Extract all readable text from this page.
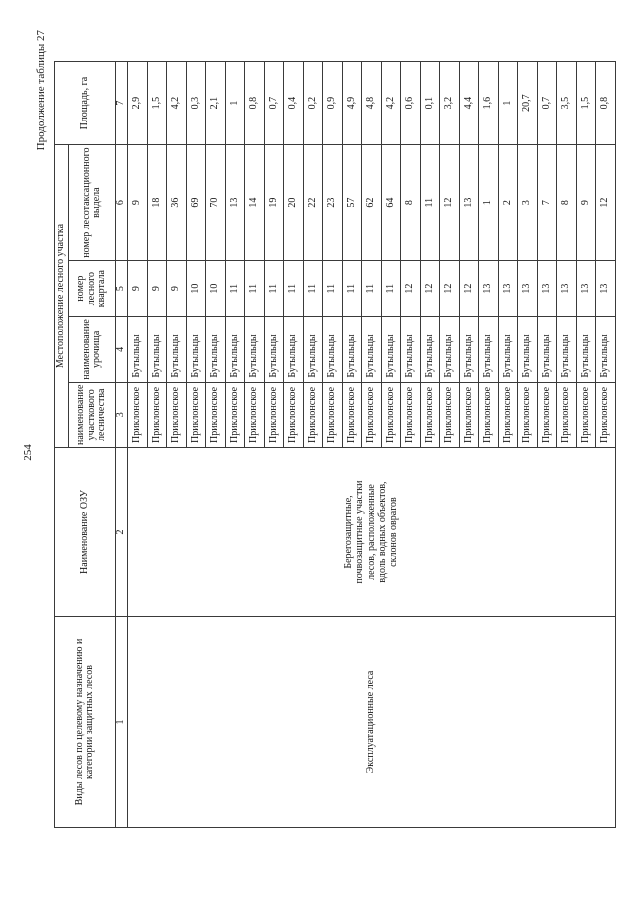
254
Продолжение таблицы 27
Виды лесов по целевому назначению и категории защитных лесов	Наименование ОЗУ	Местоположение лесного участка				Площадь, га
		наименование участкового лесничества	наименование урочища	номер лесного квартала	номер лесотаксационного выдела	
1	2	3	4	5	6	7
Эксплуатационные леса	Берегозащитные, почвозащитные участки лесов, расположенные вдоль водных объектов, склонов оврагов	Приклонское	Бутыльцы	9	9	2,9
		Приклонское	Бутыльцы	9	18	1,5
		Приклонское	Бутыльцы	9	36	4,2
		Приклонское	Бутыльцы	10	69	0,3
		Приклонское	Бутыльцы	10	70	2,1
		Приклонское	Бутыльцы	11	13	1
		Приклонское	Бутыльцы	11	14	0,8
		Приклонское	Бутыльцы	11	19	0,7
		Приклонское	Бутыльцы	11	20	0,4
		Приклонское	Бутыльцы	11	22	0,2
		Приклонское	Бутыльцы	11	23	0,9
		Приклонское	Бутыльцы	11	57	4,9
		Приклонское	Бутыльцы	11	62	4,8
		Приклонское	Бутыльцы	11	64	4,2
		Приклонское	Бутыльцы	12	8	0,6
		Приклонское	Бутыльцы	12	11	0,1
		Приклонское	Бутыльцы	12	12	3,2
		Приклонское	Бутыльцы	12	13	4,4
		Приклонское	Бутыльцы	13	1	1,6
		Приклонское	Бутыльцы	13	2	1
		Приклонское	Бутыльцы	13	3	20,7
		Приклонское	Бутыльцы	13	7	0,7
		Приклонское	Бутыльцы	13	8	3,5
		Приклонское	Бутыльцы	13	9	1,5
		Приклонское	Бутыльцы	13	12	0,8
